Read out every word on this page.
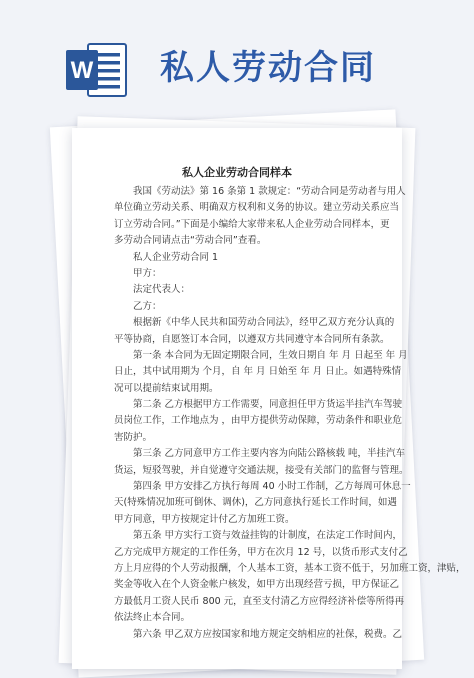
W 私人劳动合同
私人企业劳动合同样本
我国《劳动法》第 16 条第 1 款规定：“劳动合同是劳动者与用人
单位确立劳动关系、明确双方权利和义务的协议。建立劳动关系应当
订立劳动合同。”下面是小编给大家带来私人企业劳动合同样本，更
多劳动合同请点击“劳动合同”查看。
私人企业劳动合同 1
甲方：
法定代表人：
乙方：
根据新《中华人民共和国劳动合同法》，经甲乙双方充分认真的
平等协商，自愿签订本合同，以遵双方共同遵守本合同所有条款。
第一条 本合同为无固定期限合同，生效日期自 年 月 日起至 年 月
日止，其中试用期为 个月，自 年 月 日始至 年 月 日止。如遇特殊情
况可以提前结束试用期。
第二条 乙方根据甲方工作需要，同意担任甲方货运半挂汽车驾驶
员岗位工作，工作地点为 ，由甲方提供劳动保障，劳动条件和职业危
害防护。
第三条 乙方同意甲方工作主要内容为向陆公路核载 吨，半挂汽车
货运，短驳驾驶，并自觉遵守交通法规，接受有关部门的监督与管理。
第四条 甲方安排乙方执行每周 40 小时工作制，乙方每周可休息一
天(特殊情况加班可倒休、调休)，乙方同意执行延长工作时间，如遇
甲方同意，甲方按规定计付乙方加班工资。
第五条 甲方实行工资与效益挂钩的计制度，在法定工作时间内，
乙方完成甲方规定的工作任务，甲方在次月 12 号，以货币形式支付乙
方上月应得的个人劳动报酬，个人基本工资，基本工资不低于，另加班工资，津贴，
奖金等收入在个人资金帐户核发，如甲方出现经营亏损，甲方保证乙
方最低月工资人民币 800 元，直至支付清乙方应得经济补偿等所得再
依法终止本合同。
第六条 甲乙双方应按国家和地方规定交纳相应的社保，税费。乙
